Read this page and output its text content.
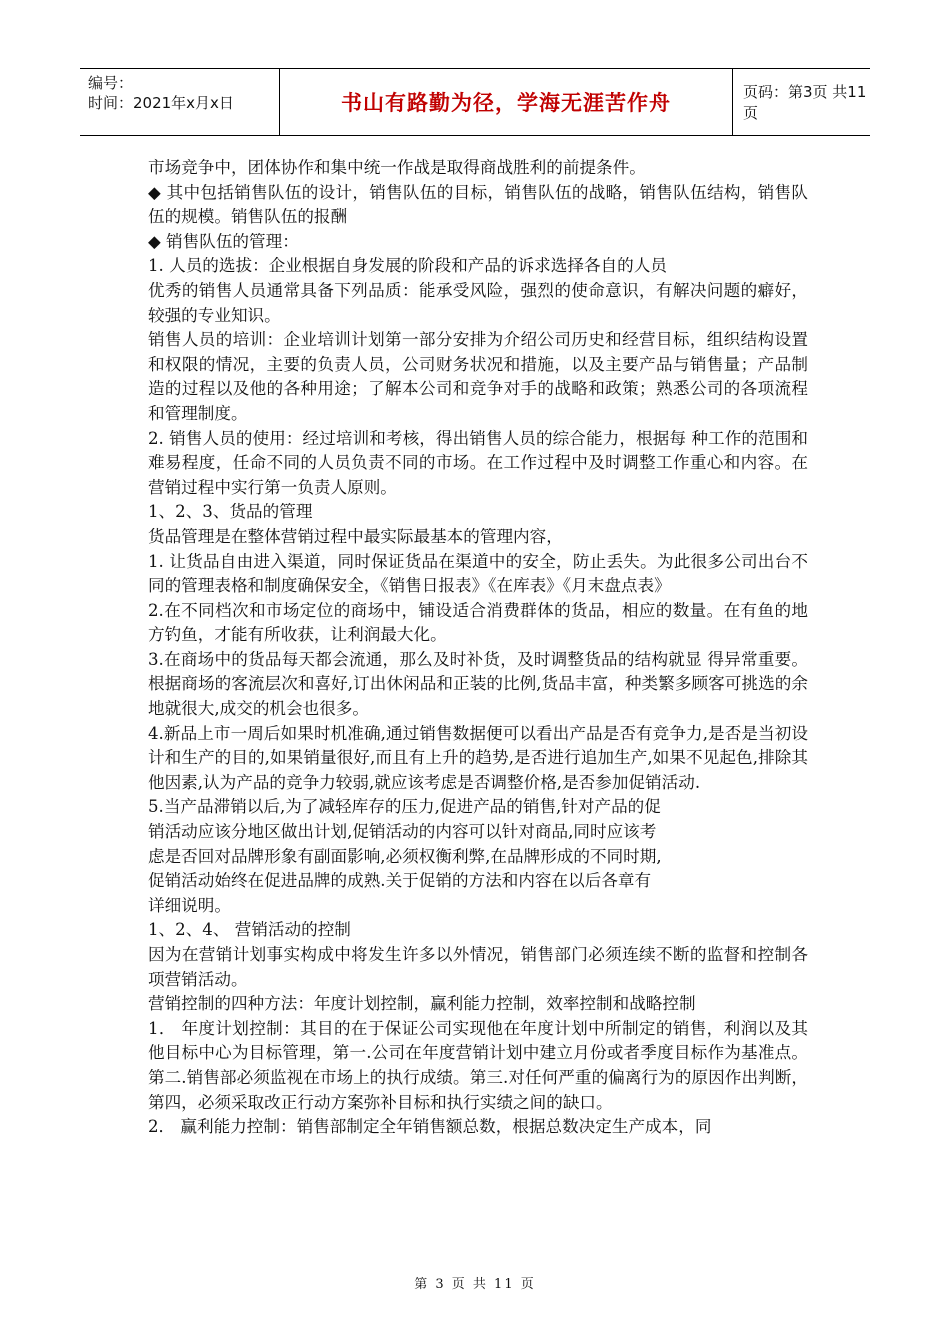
编号：
时间：2021年x月x日	书山有路勤为径，学海无涯苦作舟	页码：第3页 共11页

市场竞争中，团体协作和集中统一作战是取得商战胜利的前提条件。

◆ 其中包括销售队伍的设计，销售队伍的目标，销售队伍的战略，销售队伍结构，销售队伍的规模。销售队伍的报酬

◆ 销售队伍的管理：

1. 人员的选拔：企业根据自身发展的阶段和产品的诉求选择各自的人员

优秀的销售人员通常具备下列品质：能承受风险，强烈的使命意识，有解决问题的癖好，较强的专业知识。

销售人员的培训：企业培训计划第一部分安排为介绍公司历史和经营目标，组织结构设置和权限的情况，主要的负责人员，公司财务状况和措施，以及主要产品与销售量；产品制造的过程以及他的各种用途；了解本公司和竞争对手的战略和政策；熟悉公司的各项流程和管理制度。

2. 销售人员的使用：经过培训和考核，得出销售人员的综合能力，根据每 种工作的范围和难易程度，任命不同的人员负责不同的市场。在工作过程中及时调整工作重心和内容。在营销过程中实行第一负责人原则。

1、2、3、货品的管理

货品管理是在整体营销过程中最实际最基本的管理内容，

1. 让货品自由进入渠道，同时保证货品在渠道中的安全，防止丢失。为此很多公司出台不同的管理表格和制度确保安全，《销售日报表》《在库表》《月末盘点表》

2.在不同档次和市场定位的商场中，铺设适合消费群体的货品，相应的数量。在有鱼的地方钓鱼，才能有所收获，让利润最大化。

3.在商场中的货品每天都会流通，那么及时补货，及时调整货品的结构就显 得异常重要。根据商场的客流层次和喜好,订出休闲品和正装的比例,货品丰富，种类繁多顾客可挑选的余地就很大,成交的机会也很多。

4.新品上市一周后如果时机准确,通过销售数据便可以看出产品是否有竞争力,是否是当初设计和生产的目的,如果销量很好,而且有上升的趋势,是否进行追加生产,如果不见起色,排除其他因素,认为产品的竞争力较弱,就应该考虑是否调整价格,是否参加促销活动.

5.当产品滞销以后,为了减轻库存的压力,促进产品的销售,针对产品的促

销活动应该分地区做出计划,促销活动的内容可以针对商品,同时应该考

虑是否回对品牌形象有副面影响,必须权衡利弊,在品牌形成的不同时期,

促销活动始终在促进品牌的成熟.关于促销的方法和内容在以后各章有

详细说明。

1、2、4、 营销活动的控制

因为在营销计划事实构成中将发生许多以外情况，销售部门必须连续不断的监督和控制各项营销活动。

营销控制的四种方法：年度计划控制，赢利能力控制，效率控制和战略控制

1． 年度计划控制：其目的在于保证公司实现他在年度计划中所制定的销售，利润以及其他目标中心为目标管理，第一.公司在年度营销计划中建立月份或者季度目标作为基准点。第二.销售部必须监视在市场上的执行成绩。第三.对任何严重的偏离行为的原因作出判断，第四，必须采取改正行动方案弥补目标和执行实绩之间的缺口。

2． 赢利能力控制：销售部制定全年销售额总数，根据总数决定生产成本，同

第 3 页 共 11 页
